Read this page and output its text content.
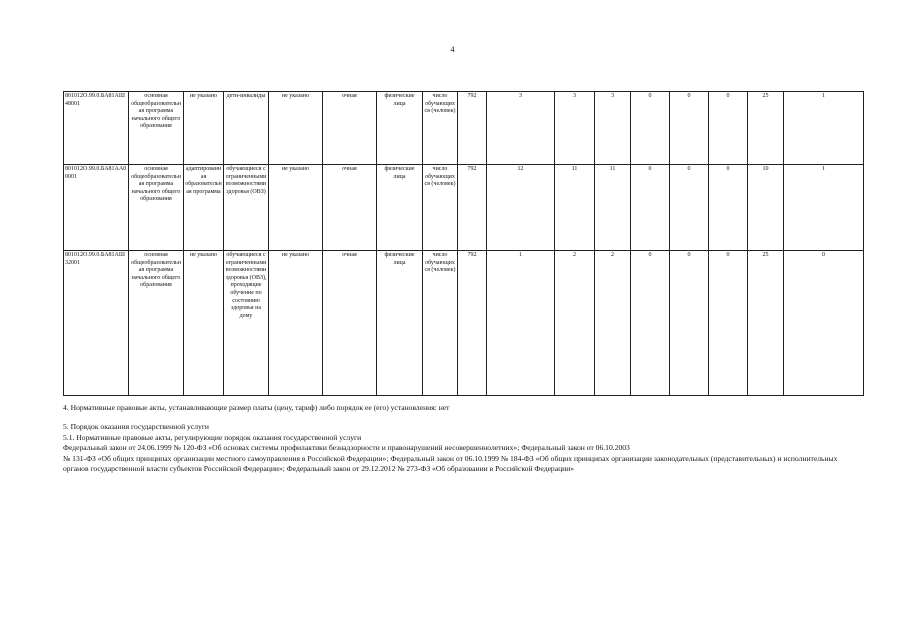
4
801012О.99.0.БА81АШ48001	основная общеобразовательная программа начального общего образования	не указано	дети-инвалиды	не указано	очная	физические лица	число обучающихся (человек)	792	3	3	3	0	0	0	25	1
801012О.99.0.БА81АА00001	основная общеобразовательная программа начального общего образования	адаптированная образовательная программа	обучающиеся с ограниченными возможностями здоровья (ОВЗ)	не указано	очная	физические лица	число обучающихся (человек)	792	12	11	11	0	0	0	10	1
801012О.99.0.БА81АШ32001	основная общеобразовательная программа начального общего образования	не указано	обучающиеся с ограниченными возможностями здоровья (ОВЗ), проходящие обучение по состоянию здоровья на дому	не указано	очная	физические лица	число обучающихся (человек)	792	1	2	2	0	0	0	25	0

4. Нормативные правовые акты, устанавливающие размер платы (цену, тариф) либо порядок ее (его) установления: нет

5. Порядок оказания государственной услуги

5.1. Нормативные правовые акты, регулирующие порядок оказания государственной услуги

Федеральный закон от 24.06.1999 № 120-ФЗ «Об основах системы профилактики безнадзорности и правонарушений несовершеннолетних»; Федеральный закон от 06.10.2003

№ 131-ФЗ «Об общих принципах организации местного самоуправления в Российской Федерации»; Федеральный закон от 06.10.1999 № 184-ФЗ «Об общих принципах организации законодательных (представительных) и исполнительных органов государственной власти субъектов Российской Федерации»; Федеральный закон от 29.12.2012 № 273-ФЗ «Об образовании в Российской Федерации»
